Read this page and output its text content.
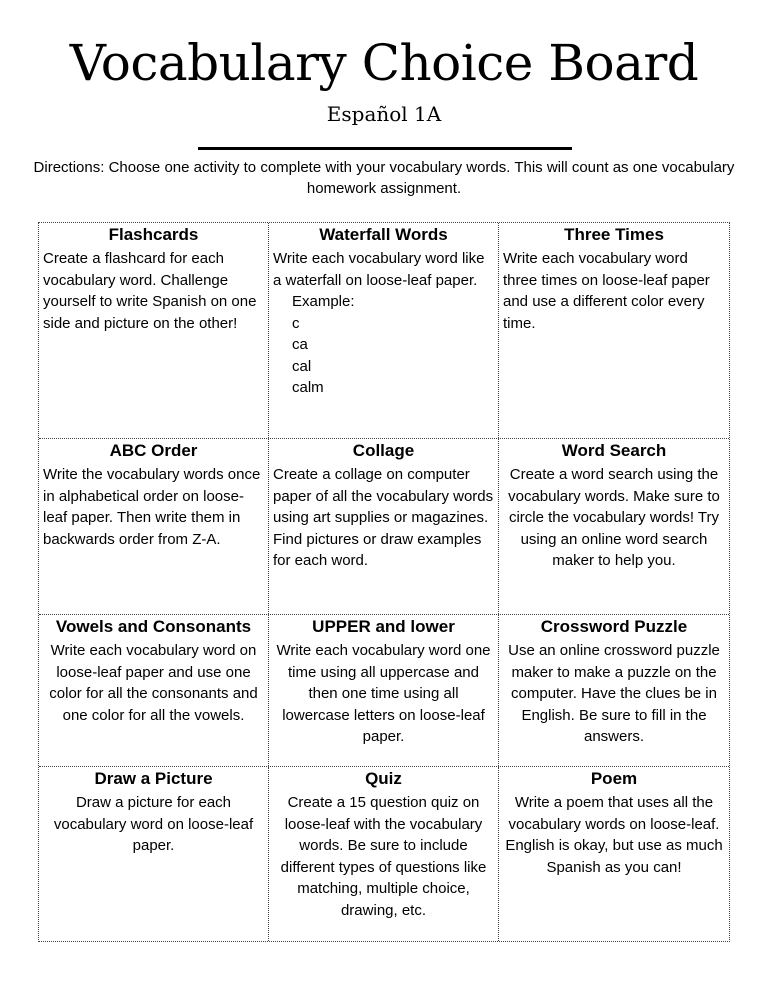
Vocabulary Choice Board
Español 1A
Directions: Choose one activity to complete with your vocabulary words. This will count as one vocabulary homework assignment.
Flashcards
Create a flashcard for each vocabulary word. Challenge yourself to write Spanish on one side and picture on the other!
Waterfall Words
Write each vocabulary word like a waterfall on loose-leaf paper.
Example:
c
ca
cal
calm
Three Times
Write each vocabulary word three times on loose-leaf paper and use a different color every time.
ABC Order
Write the vocabulary words once in alphabetical order on loose-leaf paper. Then write them in backwards order from Z-A.
Collage
Create a collage on computer paper of all the vocabulary words using art supplies or magazines. Find pictures or draw examples for each word.
Word Search
Create a word search using the vocabulary words. Make sure to circle the vocabulary words! Try using an online word search maker to help you.
Vowels and Consonants
Write each vocabulary word on loose-leaf paper and use one color for all the consonants and one color for all the vowels.
UPPER and lower
Write each vocabulary word one time using all uppercase and then one time using all lowercase letters on loose-leaf paper.
Crossword Puzzle
Use an online crossword puzzle maker to make a puzzle on the computer. Have the clues be in English. Be sure to fill in the answers.
Draw a Picture
Draw a picture for each vocabulary word on loose-leaf paper.
Quiz
Create a 15 question quiz on loose-leaf with the vocabulary words. Be sure to include different types of questions like matching, multiple choice, drawing, etc.
Poem
Write a poem that uses all the vocabulary words on loose-leaf. English is okay, but use as much Spanish as you can!
